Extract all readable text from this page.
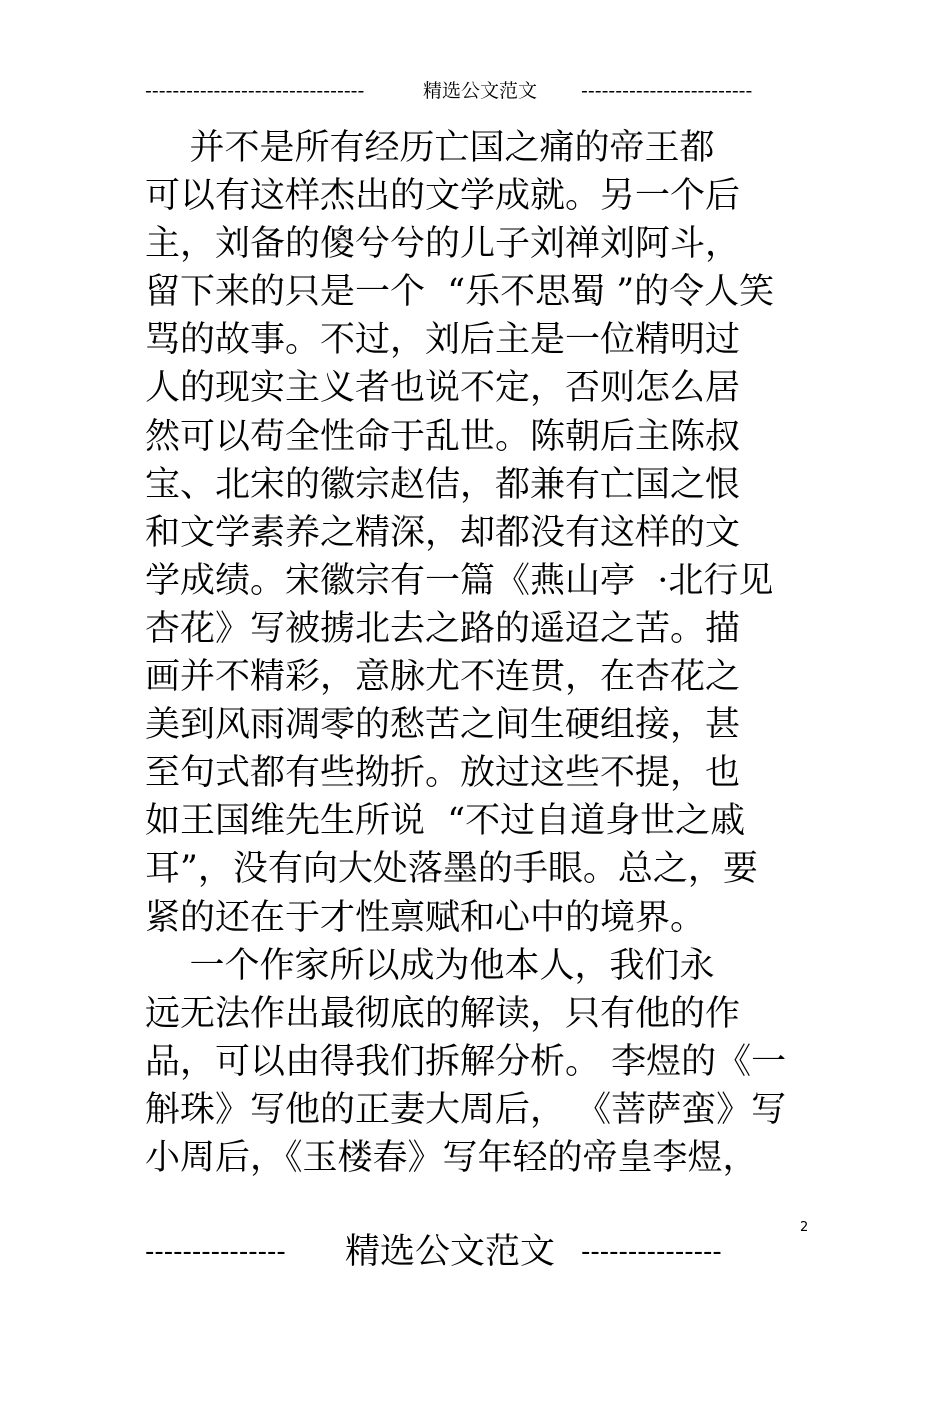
--------------------------------

	精选公文范文

-------------------------

并不是所有经历亡国之痛的帝王都
可以有这样杰出的文学成就。另一个后
主，刘备的傻兮兮的儿子刘禅刘阿斗，
留下来的只是一个  “乐不思蜀 ”的令人笑
骂的故事。不过，刘后主是一位精明过
人的现实主义者也说不定，否则怎么居
然可以苟全性命于乱世。陈朝后主陈叔
宝、北宋的徽宗赵佶，都兼有亡国之恨
和文学素养之精深，却都没有这样的文
学成绩。宋徽宗有一篇《燕山亭  ·北行见
杏花》写被掳北去之路的遥迢之苦。描
画并不精彩，意脉尤不连贯，在杏花之
美到风雨凋零的愁苦之间生硬组接，甚
至句式都有些拗折。放过这些不提，也
如王国维先生所说  “不过自道身世之戚
耳”，没有向大处落墨的手眼。总之，要
紧的还在于才性禀赋和心中的境界。
一个作家所以成为他本人，我们永
远无法作出最彻底的解读，只有他的作
品，可以由得我们拆解分析。 李煜的《一
斛珠》写他的正妻大周后， 《菩萨蛮》写
小周后，《玉楼春》写年轻的帝皇李煜，
2

---------------

精选公文范文

---------------
